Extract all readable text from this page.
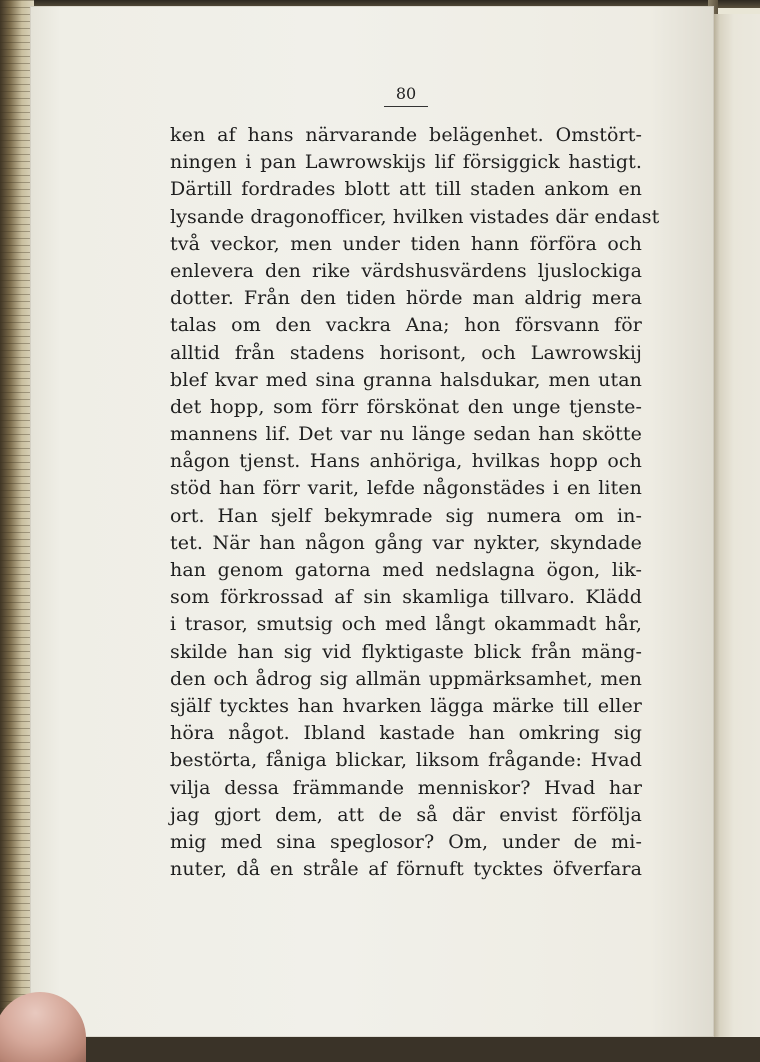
80
ken af hans närvarande belägenhet. Omstört-
ningen i pan Lawrowskijs lif försiggick hastigt.
Därtill fordrades blott att till staden ankom en
lysande dragonofficer, hvilken vistades där endast
två veckor, men under tiden hann förföra och
enlevera den rike värdshusvärdens ljuslockiga
dotter. Från den tiden hörde man aldrig mera
talas om den vackra Ana; hon försvann för
alltid från stadens horisont, och Lawrowskij
blef kvar med sina granna halsdukar, men utan
det hopp, som förr förskönat den unge tjenste-
mannens lif. Det var nu länge sedan han skötte
någon tjenst. Hans anhöriga, hvilkas hopp och
stöd han förr varit, lefde någonstädes i en liten
ort. Han sjelf bekymrade sig numera om in-
tet. När han någon gång var nykter, skyndade
han genom gatorna med nedslagna ögon, lik-
som förkrossad af sin skamliga tillvaro. Klädd
i trasor, smutsig och med långt okammadt hår,
skilde han sig vid flyktigaste blick från mäng-
den och ådrog sig allmän uppmärksamhet, men
själf tycktes han hvarken lägga märke till eller
höra något. Ibland kastade han omkring sig
bestörta, fåniga blickar, liksom frågande: Hvad
vilja dessa främmande menniskor? Hvad har
jag gjort dem, att de så där envist förfölja
mig med sina speglosor? Om, under de mi-
nuter, då en stråle af förnuft tycktes öfverfara
